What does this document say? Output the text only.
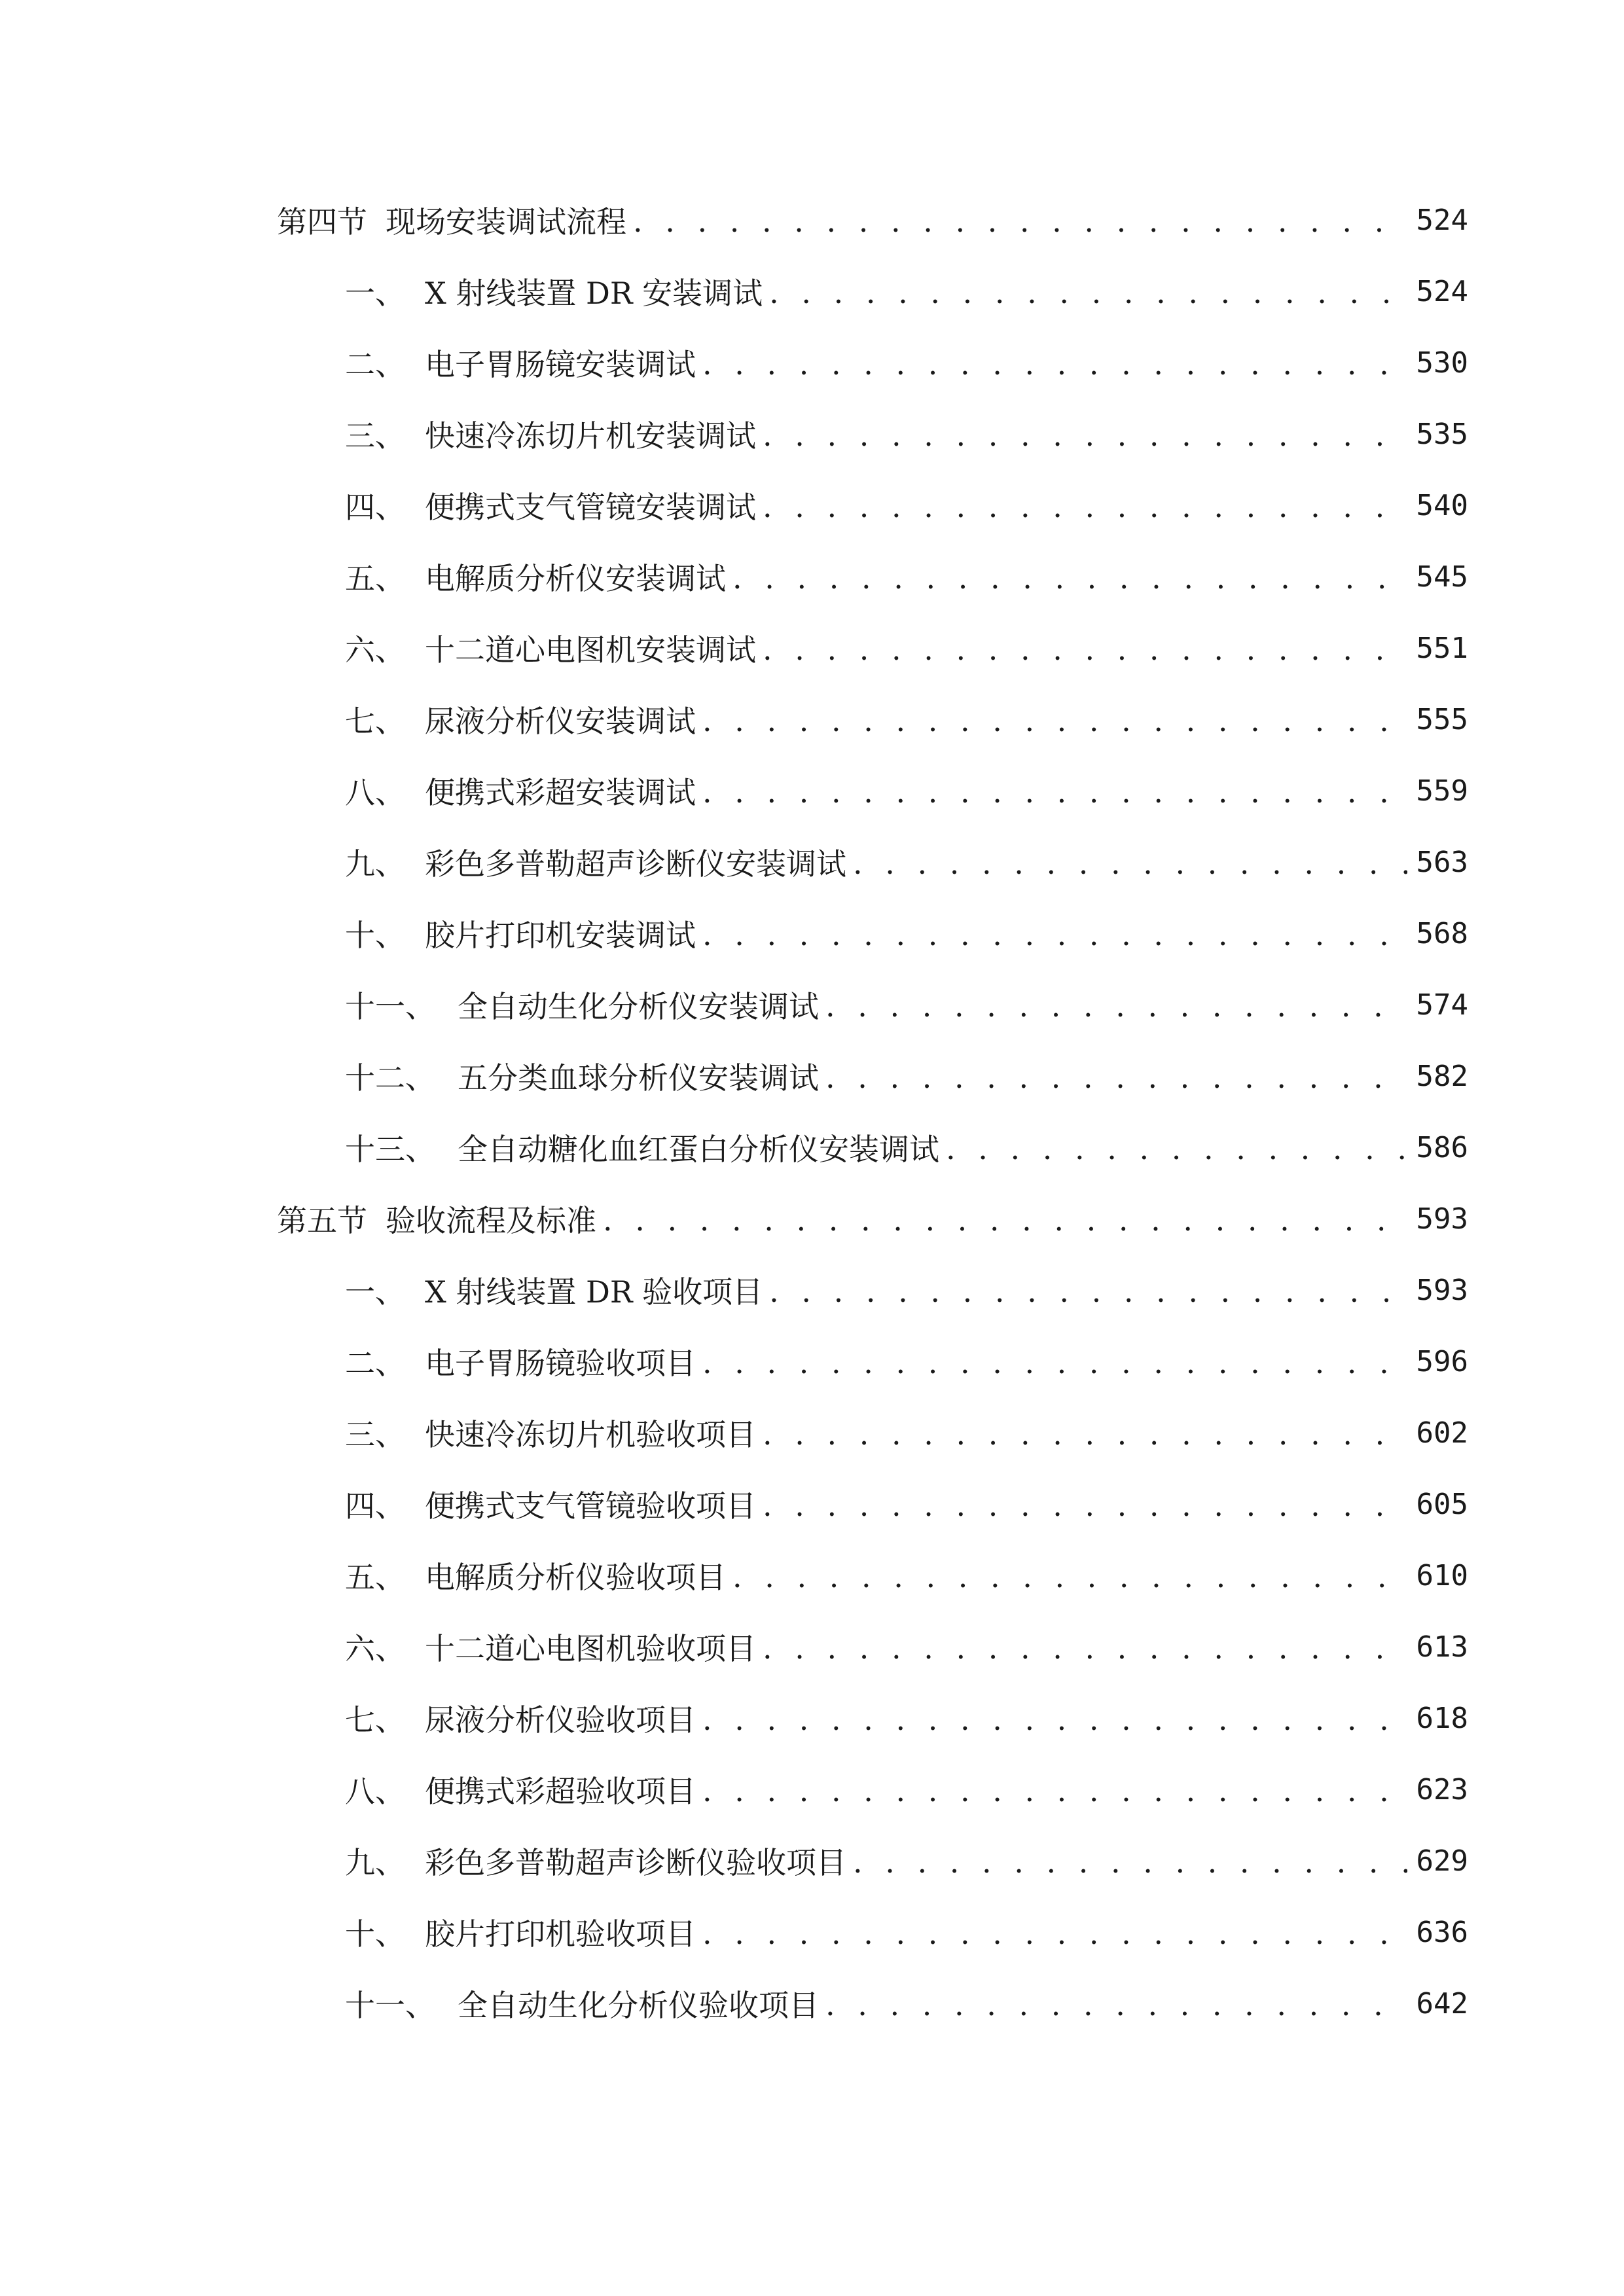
第四节 现场安装调试流程 . . .	524
一、 X 射线装置 DR 安装调试 . . .	524
二、 电子胃肠镜安装调试 . . .	530
三、 快速冷冻切片机安装调试 . . .	535
四、 便携式支气管镜安装调试 . . .	540
五、 电解质分析仪安装调试 . . .	545
六、 十二道心电图机安装调试 . . .	551
七、 尿液分析仪安装调试 . . .	555
八、 便携式彩超安装调试 . . .	559
九、 彩色多普勒超声诊断仪安装调试 . . .	563
十、 胶片打印机安装调试 . . .	568
十一、 全自动生化分析仪安装调试 . . .	574
十二、 五分类血球分析仪安装调试 . . .	582
十三、 全自动糖化血红蛋白分析仪安装调试 . . .	586
第五节 验收流程及标准 . . .	593
一、 X 射线装置 DR 验收项目 . . .	593
二、 电子胃肠镜验收项目 . . .	596
三、 快速冷冻切片机验收项目 . . .	602
四、 便携式支气管镜验收项目 . . .	605
五、 电解质分析仪验收项目 . . .	610
六、 十二道心电图机验收项目 . . .	613
七、 尿液分析仪验收项目 . . .	618
八、 便携式彩超验收项目 . . .	623
九、 彩色多普勒超声诊断仪验收项目 . . .	629
十、 胶片打印机验收项目 . . .	636
十一、 全自动生化分析仪验收项目 . . .	642
